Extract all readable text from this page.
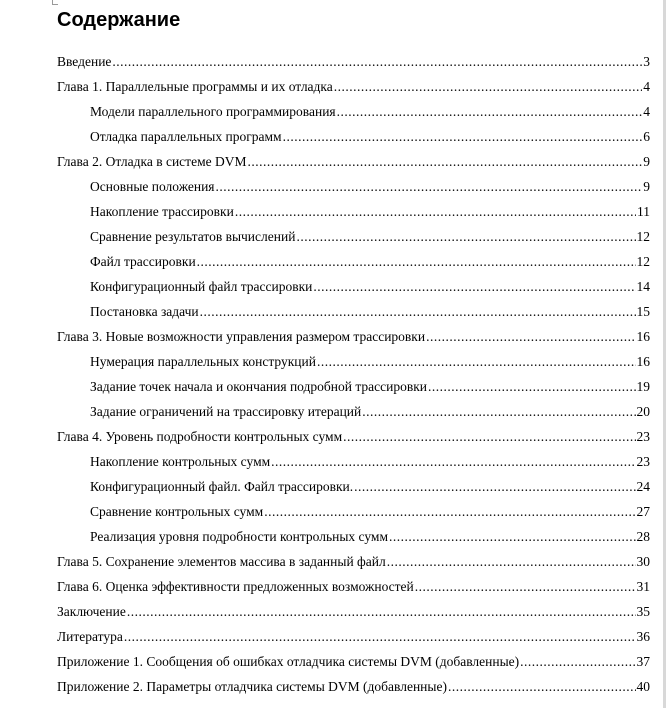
Содержание
Введение .....	3
Глава 1. Параллельные программы и их отладка .....	4
Модели параллельного программирования .....	4
Отладка параллельных программ .....	6
Глава 2. Отладка в системе DVM .....	9
Основные положения .....	9
Накопление трассировки .....	11
Сравнение результатов вычислений .....	12
Файл трассировки .....	12
Конфигурационный файл трассировки .....	14
Постановка задачи .....	15
Глава 3. Новые возможности управления размером трассировки .....	16
Нумерация параллельных конструкций .....	16
Задание точек начала и окончания подробной трассировки .....	19
Задание ограничений на трассировку итераций .....	20
Глава 4. Уровень подробности контрольных сумм .....	23
Накопление контрольных сумм .....	23
Конфигурационный файл. Файл трассировки. .....	24
Сравнение контрольных сумм .....	27
Реализация уровня подробности контрольных сумм .....	28
Глава 5. Сохранение элементов массива в заданный файл .....	30
Глава 6. Оценка эффективности предложенных возможностей .....	31
Заключение .....	35
Литература .....	36
Приложение 1. Сообщения об ошибках отладчика системы DVM (добавленные) .....	37
Приложение 2. Параметры отладчика системы DVM (добавленные) .....	40
